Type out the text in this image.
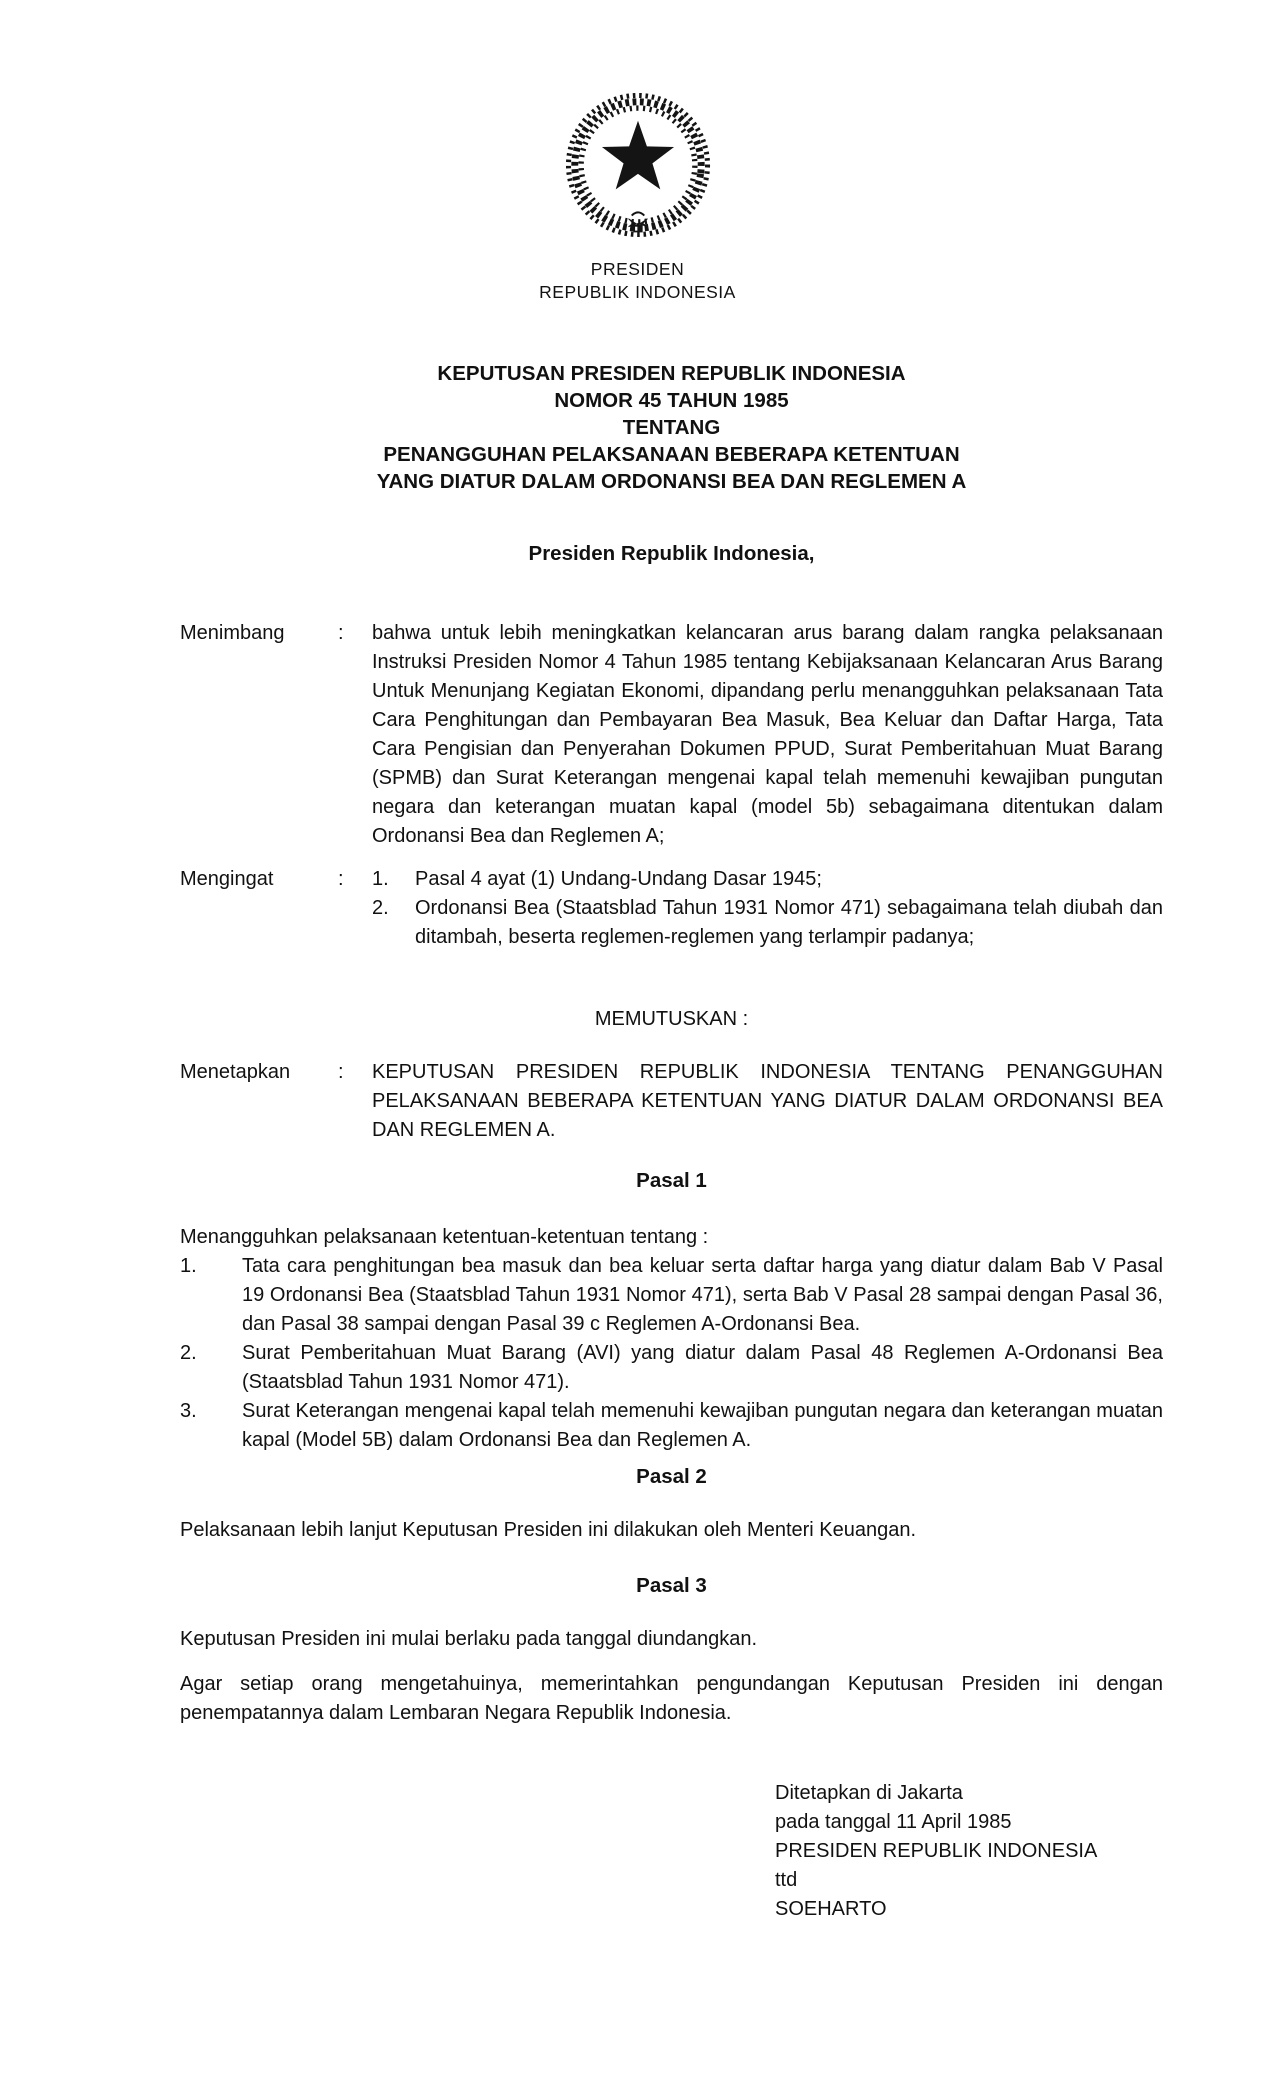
PRESIDEN
REPUBLIK INDONESIA
KEPUTUSAN PRESIDEN REPUBLIK INDONESIA
NOMOR 45 TAHUN 1985
TENTANG
PENANGGUHAN PELAKSANAAN BEBERAPA KETENTUAN
YANG DIATUR DALAM ORDONANSI BEA DAN REGLEMEN A
Presiden Republik Indonesia,
Menimbang	:	bahwa untuk lebih meningkatkan kelancaran arus barang dalam rangka pelaksanaan Instruksi Presiden Nomor 4 Tahun 1985 tentang Kebijaksanaan Kelancaran Arus Barang Untuk Menunjang Kegiatan Ekonomi, dipandang perlu menangguhkan pelaksanaan Tata Cara Penghitungan dan Pembayaran Bea Masuk, Bea Keluar dan Daftar Harga, Tata Cara Pengisian dan Penyerahan Dokumen PPUD, Surat Pemberitahuan Muat Barang (SPMB) dan Surat Keterangan mengenai kapal telah memenuhi kewajiban pungutan negara dan keterangan muatan kapal (model 5b) sebagaimana ditentukan dalam Ordonansi Bea dan Reglemen A;
Mengingat	:	1.	Pasal 4 ayat (1) Undang-Undang Dasar 1945;
2.	Ordonansi Bea (Staatsblad Tahun 1931 Nomor 471) sebagaimana telah diubah dan ditambah, beserta reglemen-reglemen yang terlampir padanya;
MEMUTUSKAN :
Menetapkan	:	KEPUTUSAN PRESIDEN REPUBLIK INDONESIA TENTANG PENANGGUHAN PELAKSANAAN BEBERAPA KETENTUAN YANG DIATUR DALAM ORDONANSI BEA DAN REGLEMEN A.
Pasal 1
Menangguhkan pelaksanaan ketentuan-ketentuan tentang :
1.	Tata cara penghitungan bea masuk dan bea keluar serta daftar harga yang diatur dalam Bab V Pasal 19 Ordonansi Bea (Staatsblad Tahun 1931 Nomor 471), serta Bab V Pasal 28 sampai dengan Pasal 36, dan Pasal 38 sampai dengan Pasal 39 c Reglemen A-Ordonansi Bea.
2.	Surat Pemberitahuan Muat Barang (AVI) yang diatur dalam Pasal 48 Reglemen A-Ordonansi Bea (Staatsblad Tahun 1931 Nomor 471).
3.	Surat Keterangan mengenai kapal telah memenuhi kewajiban pungutan negara dan keterangan muatan kapal (Model 5B) dalam Ordonansi Bea dan Reglemen A.
Pasal 2
Pelaksanaan lebih lanjut Keputusan Presiden ini dilakukan oleh Menteri Keuangan.
Pasal 3
Keputusan Presiden ini mulai berlaku pada tanggal diundangkan.
Agar setiap orang mengetahuinya, memerintahkan pengundangan Keputusan Presiden ini dengan penempatannya dalam Lembaran Negara Republik Indonesia.
Ditetapkan di Jakarta
pada tanggal 11 April 1985
PRESIDEN REPUBLIK INDONESIA
ttd
SOEHARTO
